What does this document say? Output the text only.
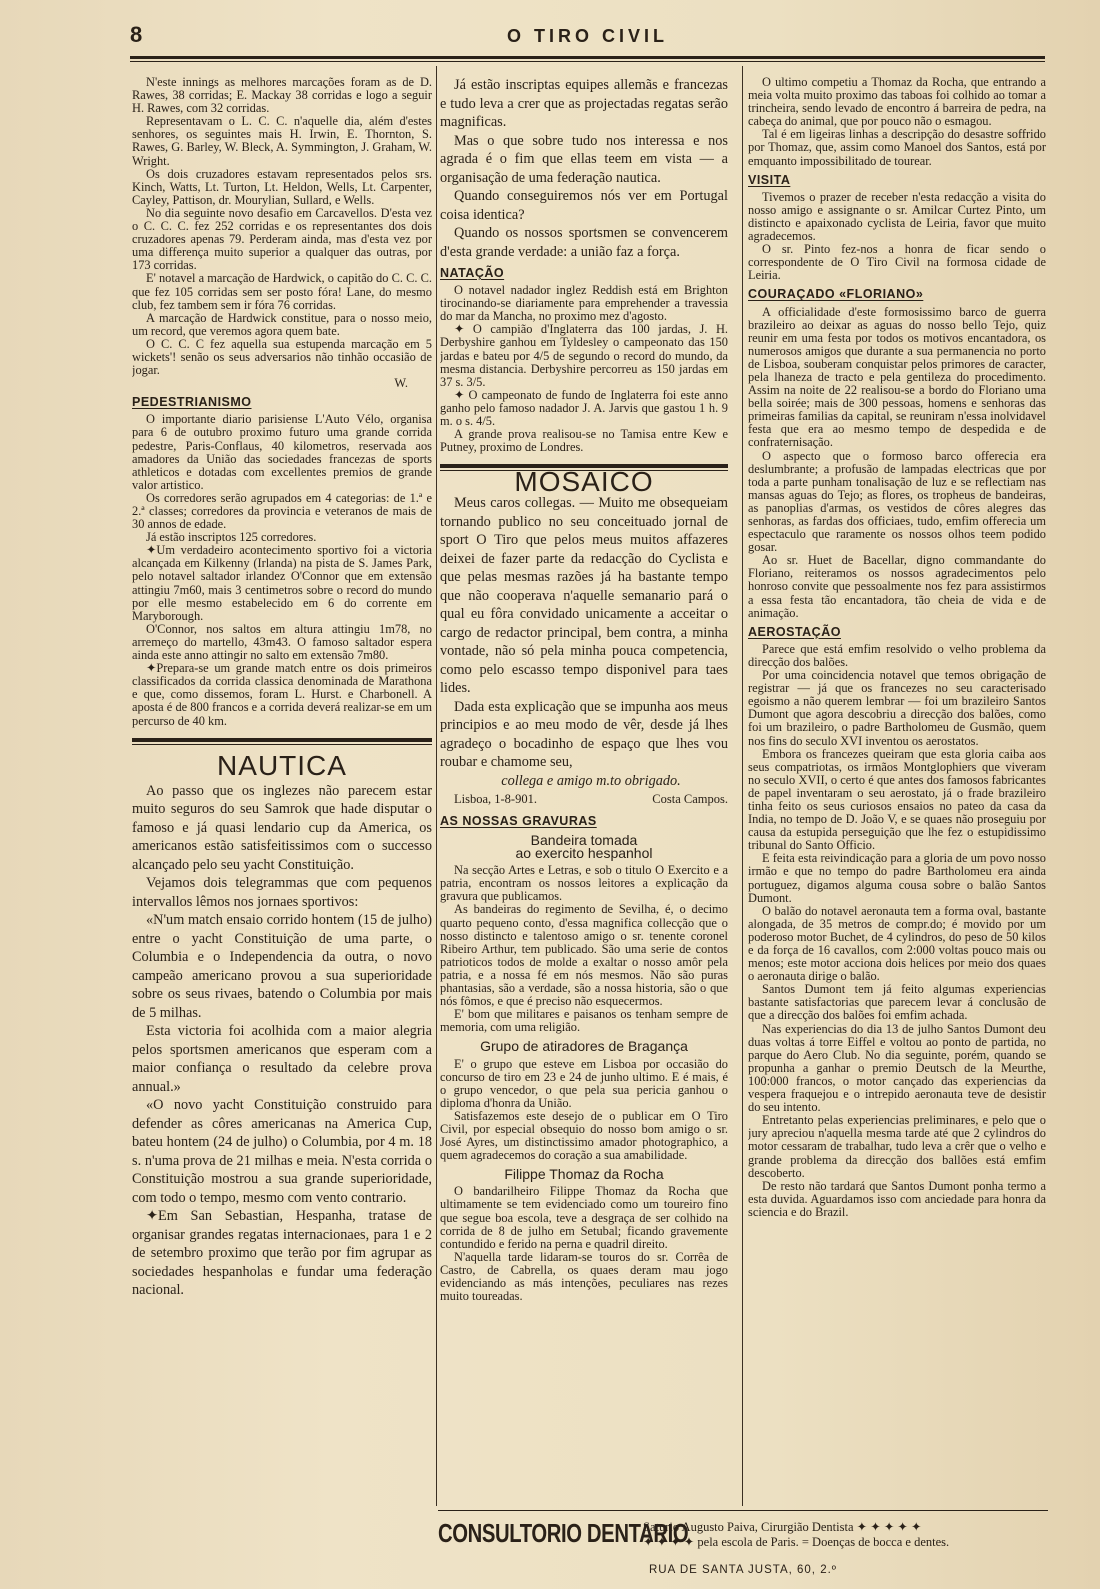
8	O TIRO CIVIL

N'este innings as melhores marcações foram as de D. Rawes, 38 corridas; E. Mackay 38 corridas e logo a seguir H. Rawes, com 32 corridas.

Representavam o L. C. C. n'aquelle dia, além d'estes senhores, os seguintes mais H. Irwin, E. Thornton, S. Rawes, G. Barley, W. Bleck, A. Symmington, J. Graham, W. Wright.

Os dois cruzadores estavam representados pelos srs. Kinch, Watts, Lt. Turton, Lt. Heldon, Wells, Lt. Carpenter, Cayley, Pattison, dr. Mourylian, Sullard, e Wells.

No dia seguinte novo desafio em Carcavellos. D'esta vez o C. C. C. fez 252 corridas e os representantes dos dois cruzadores apenas 79. Perderam ainda, mas d'esta vez por uma differença muito superior a qualquer das outras, por 173 corridas.

E' notavel a marcação de Hardwick, o capitão do C. C. C. que fez 105 corridas sem ser posto fóra! Lane, do mesmo club, fez tambem sem ir fóra 76 corridas.

A marcação de Hardwick constitue, para o nosso meio, um record, que veremos agora quem bate.

O C. C. C fez aquella sua estupenda marcação em 5 wickets'! senão os seus adversarios não tinhão occasião de jogar.

W.
PEDESTRIANISMO

O importante diario parisiense L'Auto Vélo, organisa para 6 de outubro proximo futuro uma grande corrida pedestre, Paris-Conflaus, 40 kilometros, reservada aos amadores da União das sociedades francezas de sports athleticos e dotadas com excellentes premios de grande valor artistico.

Os corredores serão agrupados em 4 categorias: de 1.ª e 2.ª classes; corredores da provincia e veteranos de mais de 30 annos de edade.

Já estão inscriptos 125 corredores.

✦Um verdadeiro acontecimento sportivo foi a victoria alcançada em Kilkenny (Irlanda) na pista de S. James Park, pelo notavel saltador irlandez O'Connor que em extensão attingiu 7m60, mais 3 centimetros sobre o record do mundo por elle mesmo estabelecido em 6 do corrente em Maryborough.

O'Connor, nos saltos em altura attingiu 1m78, no arremeço do martello, 43m43. O famoso saltador espera ainda este anno attingir no salto em extensão 7m80.

✦Prepara-se um grande match entre os dois primeiros classificados da corrida classica denominada de Marathona e que, como dissemos, foram L. Hurst. e Charbonell. A aposta é de 800 francos e a corrida deverá realizar-se em um percurso de 40 km.

NAUTICA

Ao passo que os inglezes não parecem estar muito seguros do seu Samrok que hade disputar o famoso e já quasi lendario cup da America, os americanos estão satisfeitissimos com o successo alcançado pelo seu yacht Constituição.

Vejamos dois telegrammas que com pequenos intervallos lêmos nos jornaes sportivos:

«N'um match ensaio corrido hontem (15 de julho) entre o yacht Constituição de uma parte, o Columbia e o Independencia da outra, o novo campeão americano provou a sua superioridade sobre os seus rivaes, batendo o Columbia por mais de 5 milhas.

Esta victoria foi acolhida com a maior alegria pelos sportsmen americanos que esperam com a maior confiança o resultado da celebre prova annual.»

«O novo yacht Constituição construido para defender as côres americanas na America Cup, bateu hontem (24 de julho) o Columbia, por 4 m. 18 s. n'uma prova de 21 milhas e meia. N'esta corrida o Constituição mostrou a sua grande superioridade, com todo o tempo, mesmo com vento contrario.

✦Em San Sebastian, Hespanha, tratase de organisar grandes regatas internacionaes, para 1 e 2 de setembro proximo que terão por fim agrupar as sociedades hespanholas e fundar uma federação nacional.

Já estão inscriptas equipes allemãs e francezas e tudo leva a crer que as projectadas regatas serão magnificas.

Mas o que sobre tudo nos interessa e nos agrada é o fim que ellas teem em vista — a organisação de uma federação nautica.

Quando conseguiremos nós ver em Portugal coisa identica?

Quando os nossos sportsmen se convencerem d'esta grande verdade: a união faz a força.

NATAÇÃO

O notavel nadador inglez Reddish está em Brighton tirocinando-se diariamente para emprehender a travessia do mar da Mancha, no proximo mez d'agosto.

✦ O campião d'Inglaterra das 100 jardas, J. H. Derbyshire ganhou em Tyldesley o campeonato das 150 jardas e bateu por 4/5 de segundo o record do mundo, da mesma distancia. Derbyshire percorreu as 150 jardas em 37 s. 3/5.

✦ O campeonato de fundo de Inglaterra foi este anno ganho pelo famoso nadador J. A. Jarvis que gastou 1 h. 9 m. o s. 4/5.

A grande prova realisou-se no Tamisa entre Kew e Putney, proximo de Londres.

MOSAICO

Meus caros collegas. — Muito me obsequeiam tornando publico no seu conceituado jornal de sport O Tiro que pelos meus muitos affazeres deixei de fazer parte da redacção do Cyclista e que pelas mesmas razões já ha bastante tempo que não cooperava n'aquelle semanario pará o qual eu fôra convidado unicamente a acceitar o cargo de redactor principal, bem contra, a minha vontade, não só pela minha pouca competencia, como pelo escasso tempo disponivel para taes lides.

Dada esta explicação que se impunha aos meus principios e ao meu modo de vêr, desde já lhes agradeço o bocadinho de espaço que lhes vou roubar e chamome seu,

collega e amigo m.to obrigado.

Lisboa, 1-8-901.	Costa Campos.

AS NOSSAS GRAVURAS
Bandeira tomada
ao exercito hespanhol

Na secção Artes e Letras, e sob o titulo O Exercito e a patria, encontram os nossos leitores a explicação da gravura que publicamos.

As bandeiras do regimento de Sevilha, é, o decimo quarto pequeno conto, d'essa magnifica collecção que o nosso distincto e talentoso amigo o sr. tenente coronel Ribeiro Arthur, tem publicado. São uma serie de contos patrioticos todos de molde a exaltar o nosso amôr pela patria, e a nossa fé em nós mesmos. Não são puras phantasias, são a verdade, são a nossa historia, são o que nós fômos, e que é preciso não esquecermos.

E' bom que militares e paisanos os tenham sempre de memoria, com uma religião.

Grupo de atiradores de Bragança

E' o grupo que esteve em Lisboa por occasião do concurso de tiro em 23 e 24 de junho ultimo. E é mais, é o grupo vencedor, o que pela sua pericia ganhou o diploma d'honra da União.

Satisfazemos este desejo de o publicar em O Tiro Civil, por especial obsequio do nosso bom amigo o sr. José Ayres, um distinctissimo amador photographico, a quem agradecemos do coração a sua amabilidade.

Filippe Thomaz da Rocha

O bandarilheiro Filippe Thomaz da Rocha que ultimamente se tem evidenciado como um toureiro fino que segue boa escola, teve a desgraça de ser colhido na corrida de 8 de julho em Setubal; ficando gravemente contundido e ferido na perna e quadril direito.

N'aquella tarde lidaram-se touros do sr. Corrêa de Castro, de Cabrella, os quaes deram mau jogo evidenciando as más intenções, peculiares nas rezes muito toureadas.

O ultimo competiu a Thomaz da Rocha, que entrando a meia volta muito proximo das taboas foi colhido ao tomar a trincheira, sendo levado de encontro á barreira de pedra, na cabeça do animal, que por pouco não o esmagou.

Tal é em ligeiras linhas a descripção do desastre soffrido por Thomaz, que, assim como Manoel dos Santos, está por emquanto impossibilitado de tourear.

VISITA

Tivemos o prazer de receber n'esta redacção a visita do nosso amigo e assignante o sr. Amilcar Curtez Pinto, um distincto e apaixonado cyclista de Leiria, favor que muito agradecemos.

O sr. Pinto fez-nos a honra de ficar sendo o correspondente de O Tiro Civil na formosa cidade de Leiria.

COURAÇADO «FLORIANO»

A officialidade d'este formosissimo barco de guerra brazileiro ao deixar as aguas do nosso bello Tejo, quiz reunir em uma festa por todos os motivos encantadora, os numerosos amigos que durante a sua permanencia no porto de Lisboa, souberam conquistar pelos primores de caracter, pela lhaneza de tracto e pela gentileza do procedimento. Assim na noite de 22 realisou-se a bordo do Floriano uma bella soirée; mais de 300 pessoas, homens e senhoras das primeiras familias da capital, se reuniram n'essa inolvidavel festa que era ao mesmo tempo de despedida e de confraternisação.

O aspecto que o formoso barco offerecia era deslumbrante; a profusão de lampadas electricas que por toda a parte punham tonalisação de luz e se reflectiam nas mansas aguas do Tejo; as flores, os tropheus de bandeiras, as panoplias d'armas, os vestidos de côres alegres das senhoras, as fardas dos officiaes, tudo, emfim offerecia um espectaculo que raramente os nossos olhos teem podido gosar.

Ao sr. Huet de Bacellar, digno commandante do Floriano, reiteramos os nossos agradecimentos pelo honroso convite que pessoalmente nos fez para assistirmos a essa festa tão encantadora, tão cheia de vida e de animação.

AEROSTAÇÃO

Parece que está emfim resolvido o velho problema da direcção dos balões.

Por uma coincidencia notavel que temos obrigação de registrar — já que os francezes no seu caracterisado egoismo a não querem lembrar — foi um brazileiro Santos Dumont que agora descobriu a direcção dos balões, como foi um brazileiro, o padre Bartholomeu de Gusmão, quem nos fins do seculo XVI inventou os aerostatos.

Embora os francezes queiram que esta gloria caiba aos seus compatriotas, os irmãos Montglophiers que viveram no seculo XVII, o certo é que antes dos famosos fabricantes de papel inventaram o seu aerostato, já o frade brazileiro tinha feito os seus curiosos ensaios no pateo da casa da India, no tempo de D. João V, e se quaes não proseguiu por causa da estupida perseguição que lhe fez o estupidissimo tribunal do Santo Officio.

E feita esta reivindicação para a gloria de um povo nosso irmão e que no tempo do padre Bartholomeu era ainda portuguez, digamos alguma cousa sobre o balão Santos Dumont.

O balão do notavel aeronauta tem a forma oval, bastante alongada, de 35 metros de compr.do; é movido por um poderoso motor Buchet, de 4 cylindros, do peso de 50 kilos e da força de 16 cavallos, com 2:000 voltas pouco mais ou menos; este motor acciona dois helices por meio dos quaes o aeronauta dirige o balão.

Santos Dumont tem já feito algumas experiencias bastante satisfactorias que parecem levar á conclusão de que a direcção dos balões foi emfim achada.

Nas experiencias do dia 13 de julho Santos Dumont deu duas voltas á torre Eiffel e voltou ao ponto de partida, no parque do Aero Club. No dia seguinte, porém, quando se propunha a ganhar o premio Deutsch de la Meurthe, 100:000 francos, o motor cançado das experiencias da vespera fraquejou e o intrepido aeronauta teve de desistir do seu intento.

Entretanto pelas experiencias preliminares, e pelo que o jury apreciou n'aquella mesma tarde até que 2 cylindros do motor cessaram de trabalhar, tudo leva a crêr que o velho e grande problema da direcção dos ballões está emfim descoberto.

De resto não tardará que Santos Dumont ponha termo a esta duvida. Aguardamos isso com anciedade para honra da sciencia e do Brazil.

CONSULTORIO DENTARIO
Saturio Augusto Paiva, Cirurgião Dentista ✦ ✦ ✦ ✦ ✦
✦ ✦ ✦ ✦ pela escola de Paris. = Doenças de bocca e dentes.
RUA DE SANTA JUSTA, 60, 2.º
